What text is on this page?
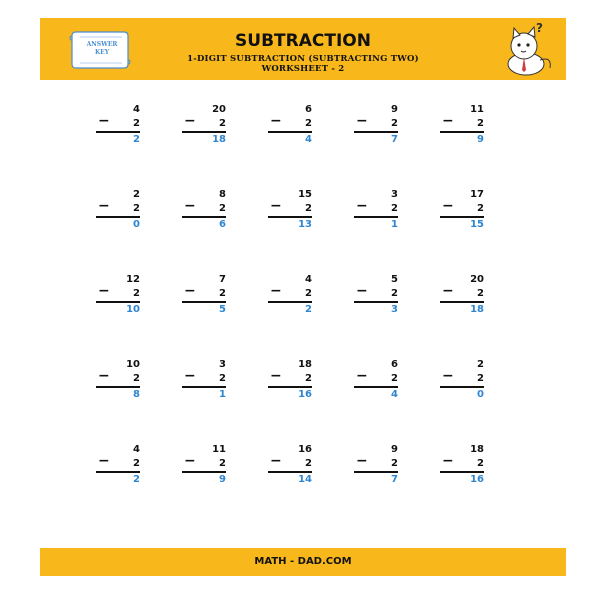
ANSWER
KEY
SUBTRACTION
1-DIGIT SUBTRACTION (SUBTRACTING TWO)
WORKSHEET - 2
?
4
− 2
2
20
− 2
18
6
− 2
4
9
− 2
7
11
− 2
9
2
− 2
0
8
− 2
6
15
− 2
13
3
− 2
1
17
− 2
15
12
− 2
10
7
− 2
5
4
− 2
2
5
− 2
3
20
− 2
18
10
− 2
8
3
− 2
1
18
− 2
16
6
− 2
4
2
− 2
0
4
− 2
2
11
− 2
9
16
− 2
14
9
− 2
7
18
− 2
16
MATH - DAD.COM
